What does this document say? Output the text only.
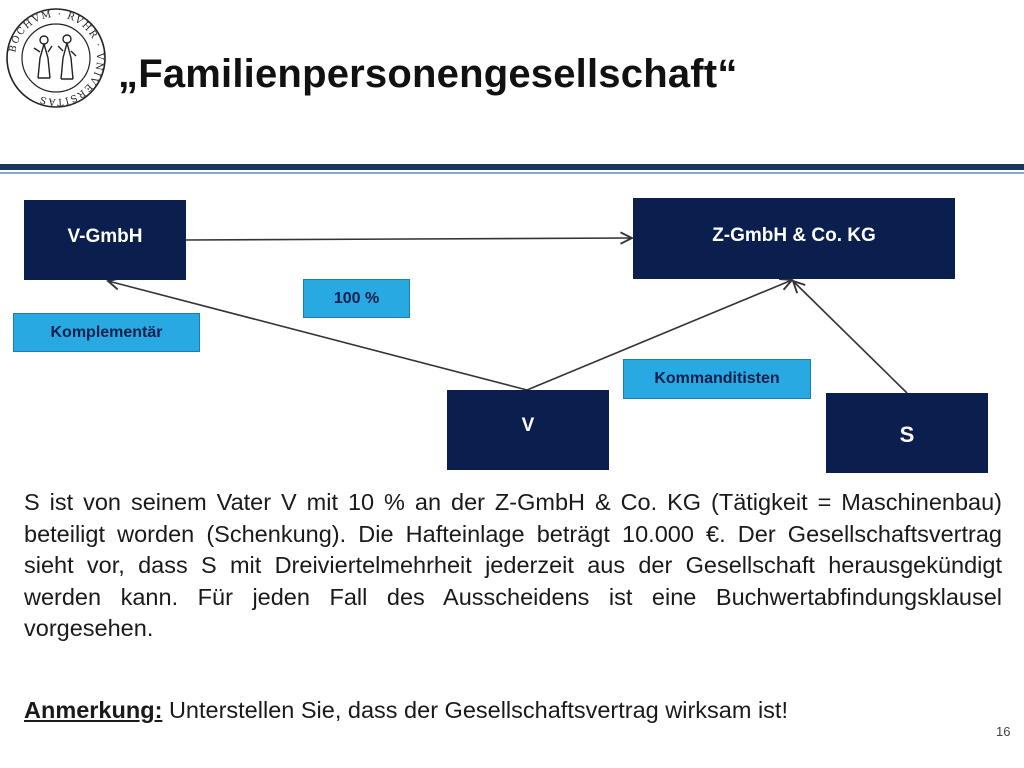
BOCHVM · RVHR · VNIVERSITAS
„Familienpersonengesellschaft“
V-GmbH	Z-GmbH & Co. KG
V	S
100 %
Komplementär
Kommanditisten
S ist von seinem Vater V mit 10 % an der Z-GmbH & Co. KG (Tätigkeit = Maschinenbau) beteiligt worden (Schenkung). Die Hafteinlage beträgt 10.000 €. Der Gesellschaftsvertrag sieht vor, dass S mit Dreiviertelmehrheit jederzeit aus der Gesellschaft herausgekündigt werden kann. Für jeden Fall des Ausscheidens ist eine Buchwertabfindungsklausel vorgesehen.
Anmerkung: Unterstellen Sie, dass der Gesellschaftsvertrag wirksam ist!
16
